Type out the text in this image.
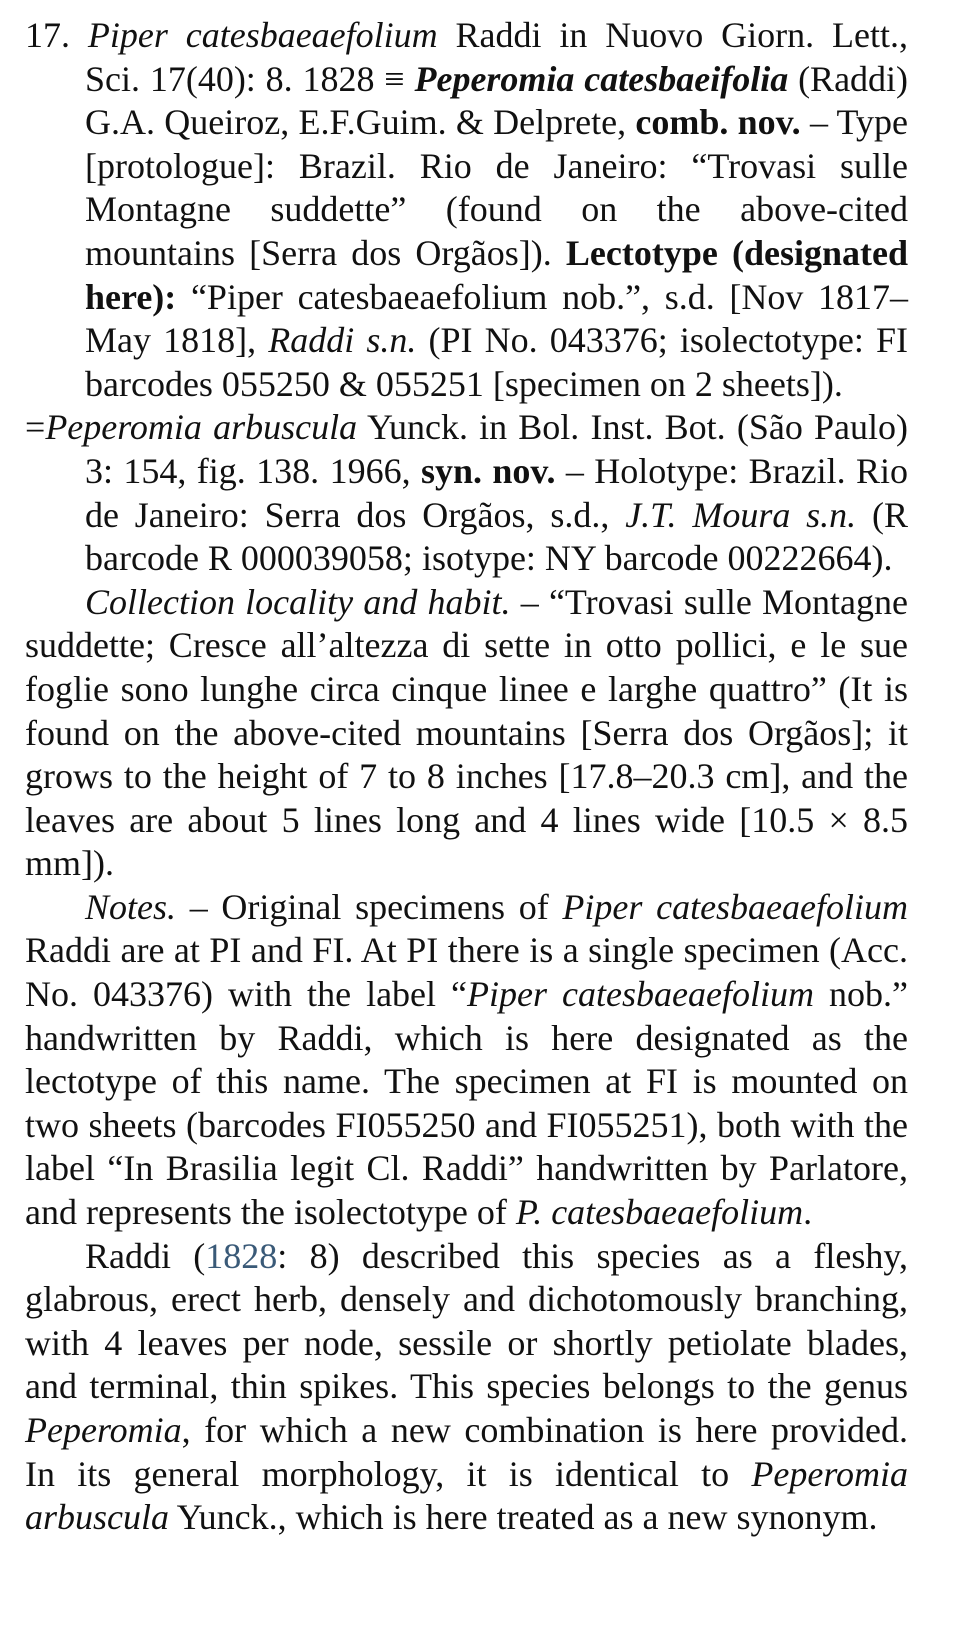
17. Piper catesbaeaefolium Raddi in Nuovo Giorn. Lett., Sci. 17(40): 8. 1828 ≡ Peperomia catesbaeifolia (Raddi) G.A. Queiroz, E.F.Guim. & Delprete, comb. nov. – Type [protologue]: Brazil. Rio de Janeiro: “Trovasi sulle Montagne suddette” (found on the above-cited mountains [Serra dos Orgãos]). Lectotype (designated here): “Piper catesbaeaefolium nob.”, s.d. [Nov 1817–May 1818], Raddi s.n. (PI No. 043376; isolectotype: FI barcodes 055250 & 055251 [specimen on 2 sheets]).

=Peperomia arbuscula Yunck. in Bol. Inst. Bot. (São Paulo) 3: 154, fig. 138. 1966, syn. nov. – Holotype: Brazil. Rio de Janeiro: Serra dos Orgãos, s.d., J.T. Moura s.n. (R barcode R 000039058; isotype: NY barcode 00222664).

Collection locality and habit. – “Trovasi sulle Montagne suddette; Cresce all’altezza di sette in otto pollici, e le sue foglie sono lunghe circa cinque linee e larghe quattro” (It is found on the above-cited mountains [Serra dos Orgãos]; it grows to the height of 7 to 8 inches [17.8–20.3 cm], and the leaves are about 5 lines long and 4 lines wide [10.5 × 8.5 mm]).

Notes. – Original specimens of Piper catesbaeaefolium Raddi are at PI and FI. At PI there is a single specimen (Acc. No. 043376) with the label “Piper catesbaeaefolium nob.” handwritten by Raddi, which is here designated as the lectotype of this name. The specimen at FI is mounted on two sheets (barcodes FI055250 and FI055251), both with the label “In Brasilia legit Cl. Raddi” handwritten by Parlatore, and represents the isolectotype of P. catesbaeaefolium.

Raddi (1828: 8) described this species as a fleshy, glabrous, erect herb, densely and dichotomously branching, with 4 leaves per node, sessile or shortly petiolate blades, and terminal, thin spikes. This species belongs to the genus Peperomia, for which a new combination is here provided. In its general morphology, it is identical to Peperomia arbuscula Yunck., which is here treated as a new synonym.
